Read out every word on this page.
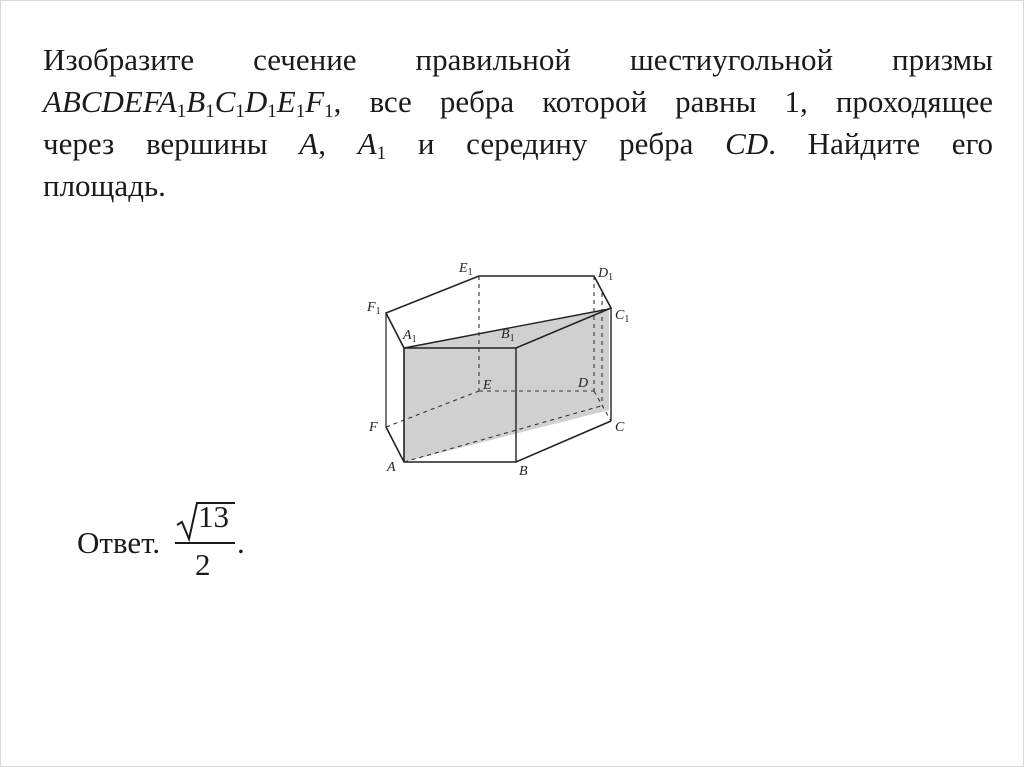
Изобразите сечение правильной шестиугольной призмы
$ABCDEFA_1B_1C_1D_1E_1F_1$, все ребра которой равны 1, проходящее
через вершины A, $A_1$ и середину ребра CD. Найдите его
площадь.
$E_1$	$D_1$
$F_1$	$C_1$
$A_1$	$B_1$
E	D
F	C
A	B
Ответ.
13
2
.
